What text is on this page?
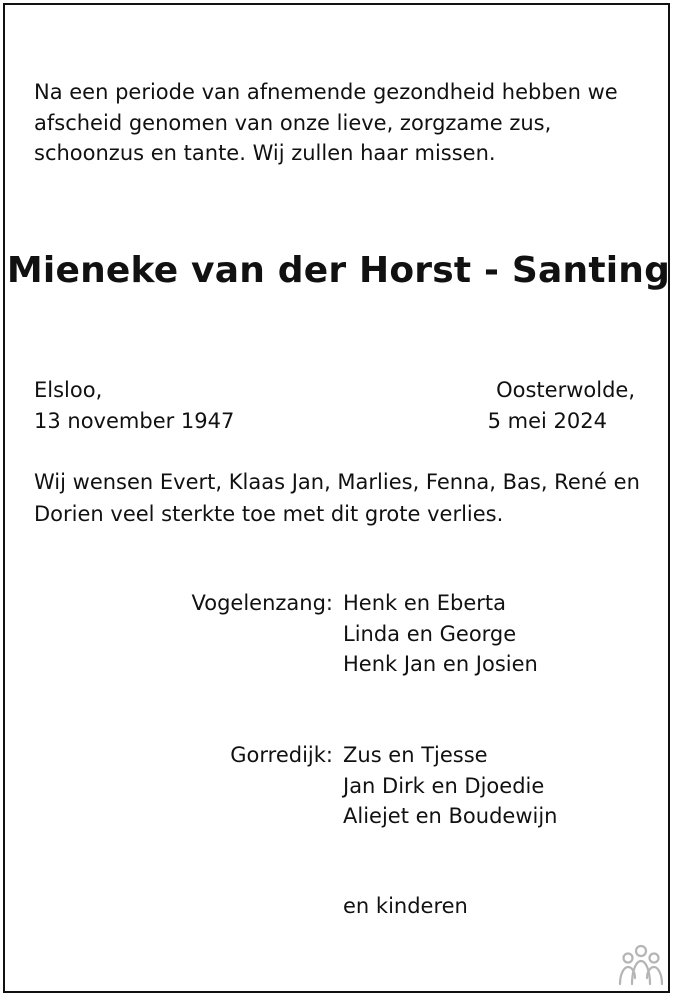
Na een periode van afnemende gezondheid hebben we
afscheid genomen van onze lieve, zorgzame zus,
schoonzus en tante. Wij zullen haar missen.
Mieneke van der Horst - Santing
Elsloo,
13 november 1947
Oosterwolde,
5 mei 2024
Wij wensen Evert, Klaas Jan, Marlies, Fenna, Bas, René en
Dorien veel sterkte toe met dit grote verlies.
Vogelenzang: Henk en Eberta
Linda en George
Henk Jan en Josien
Gorredijk: Zus en Tjesse
Jan Dirk en Djoedie
Aliejet en Boudewijn
en kinderen
